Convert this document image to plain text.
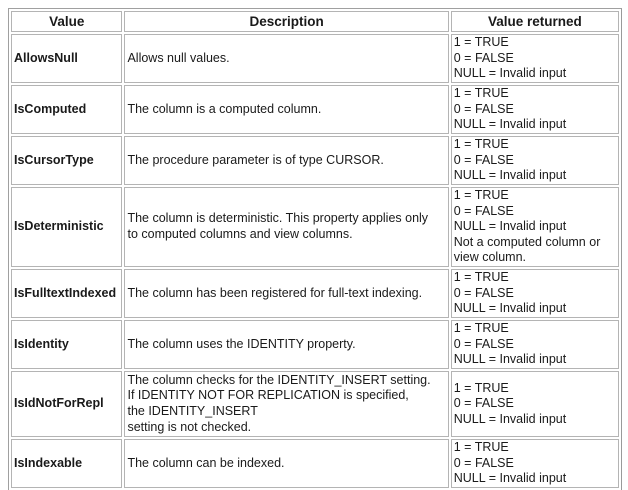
Value	Description	Value returned
AllowsNull	Allows null values.	1 = TRUE
0 = FALSE
NULL = Invalid input

IsComputed	The column is a computed column.	1 = TRUE
0 = FALSE
NULL = Invalid input

IsCursorType	The procedure parameter is of type CURSOR.	1 = TRUE
0 = FALSE
NULL = Invalid input

IsDeterministic	The column is deterministic. This property applies only
to computed columns and view columns.	1 = TRUE
0 = FALSE
NULL = Invalid input
Not a computed column or
view column.

IsFulltextIndexed	The column has been registered for full-text indexing.	1 = TRUE
0 = FALSE
NULL = Invalid input

IsIdentity	The column uses the IDENTITY property.	1 = TRUE
0 = FALSE
NULL = Invalid input

IsIdNotForRepl	The column checks for the IDENTITY_INSERT setting.
If IDENTITY NOT FOR REPLICATION is specified,
the IDENTITY_INSERT
setting is not checked.	1 = TRUE
0 = FALSE
NULL = Invalid input

IsIndexable	The column can be indexed.	1 = TRUE
0 = FALSE
NULL = Invalid input
